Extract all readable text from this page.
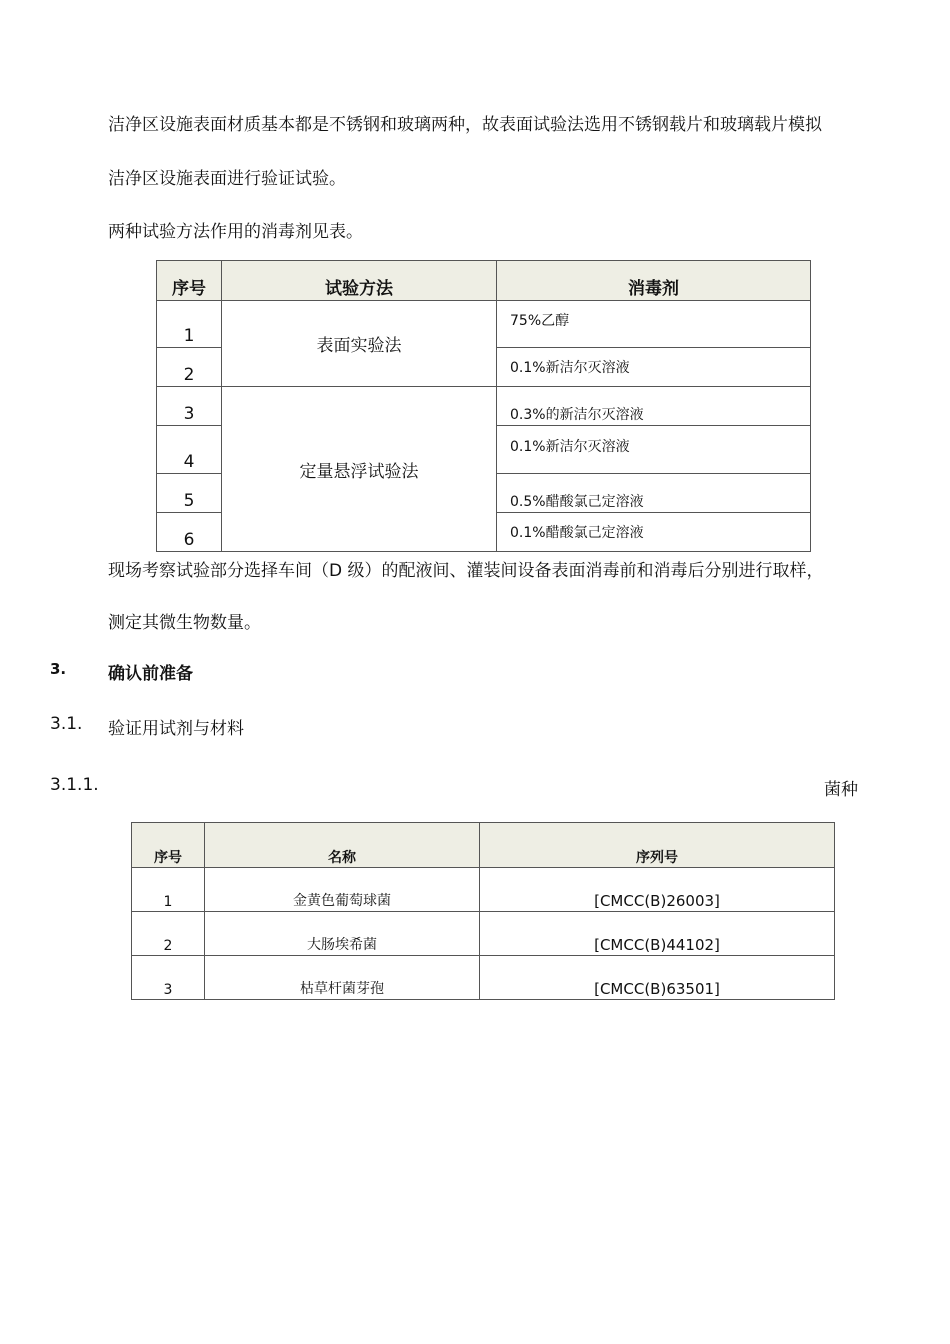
洁净区设施表面材质基本都是不锈钢和玻璃两种，故表面试验法选用不锈钢载片和玻璃载片模拟
洁净区设施表面进行验证试验。
两种试验方法作用的消毒剂见表。
序号	试验方法	消毒剂
1	表面实验法	75%乙醇
2		0.1%新洁尔灭溶液
3	定量悬浮试验法	0.3%的新洁尔灭溶液
4		0.1%新洁尔灭溶液
5		0.5%醋酸氯己定溶液
6		0.1%醋酸氯己定溶液
现场考察试验部分选择车间（D 级）的配液间、灌装间设备表面消毒前和消毒后分别进行取样，
测定其微生物数量。
3. 确认前准备
3.1. 验证用试剂与材料
3.1.1.	菌种
序号	名称	序列号
1	金黄色葡萄球菌	[CMCC(B)26003]
2	大肠埃希菌	[CMCC(B)44102]
3	枯草杆菌芽孢	[CMCC(B)63501]
